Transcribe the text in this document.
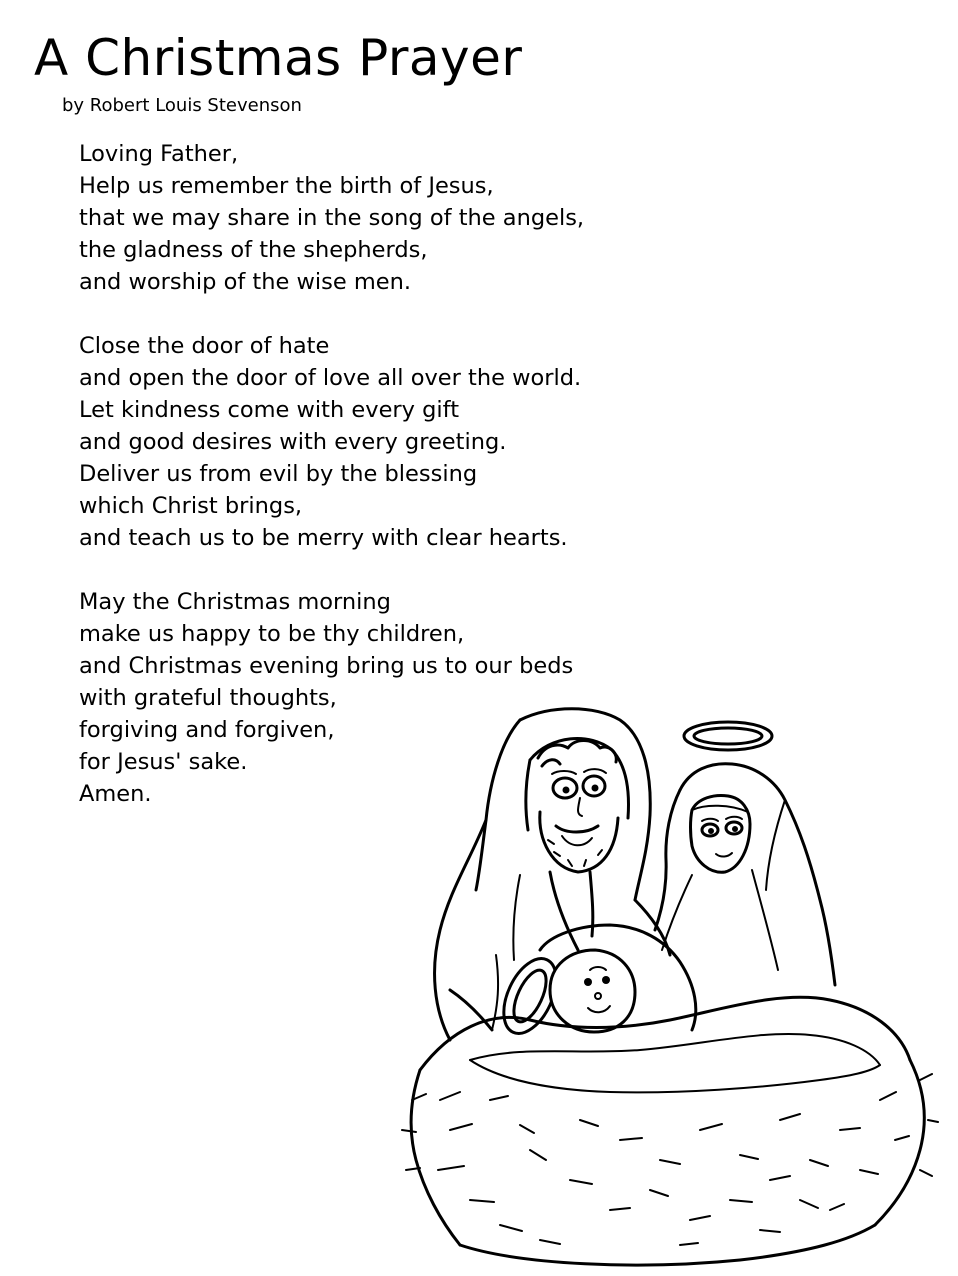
A Christmas Prayer

by Robert Louis Stevenson

Loving Father,
Help us remember the birth of Jesus,
that we may share in the song of the angels,
the gladness of the shepherds,
and worship of the wise men.
Close the door of hate
and open the door of love all over the world.
Let kindness come with every gift
and good desires with every greeting.
Deliver us from evil by the blessing
which Christ brings,
and teach us to be merry with clear hearts.
May the Christmas morning
make us happy to be thy children,
and Christmas evening bring us to our beds
with grateful thoughts,
forgiving and forgiven,
for Jesus' sake.
Amen.
